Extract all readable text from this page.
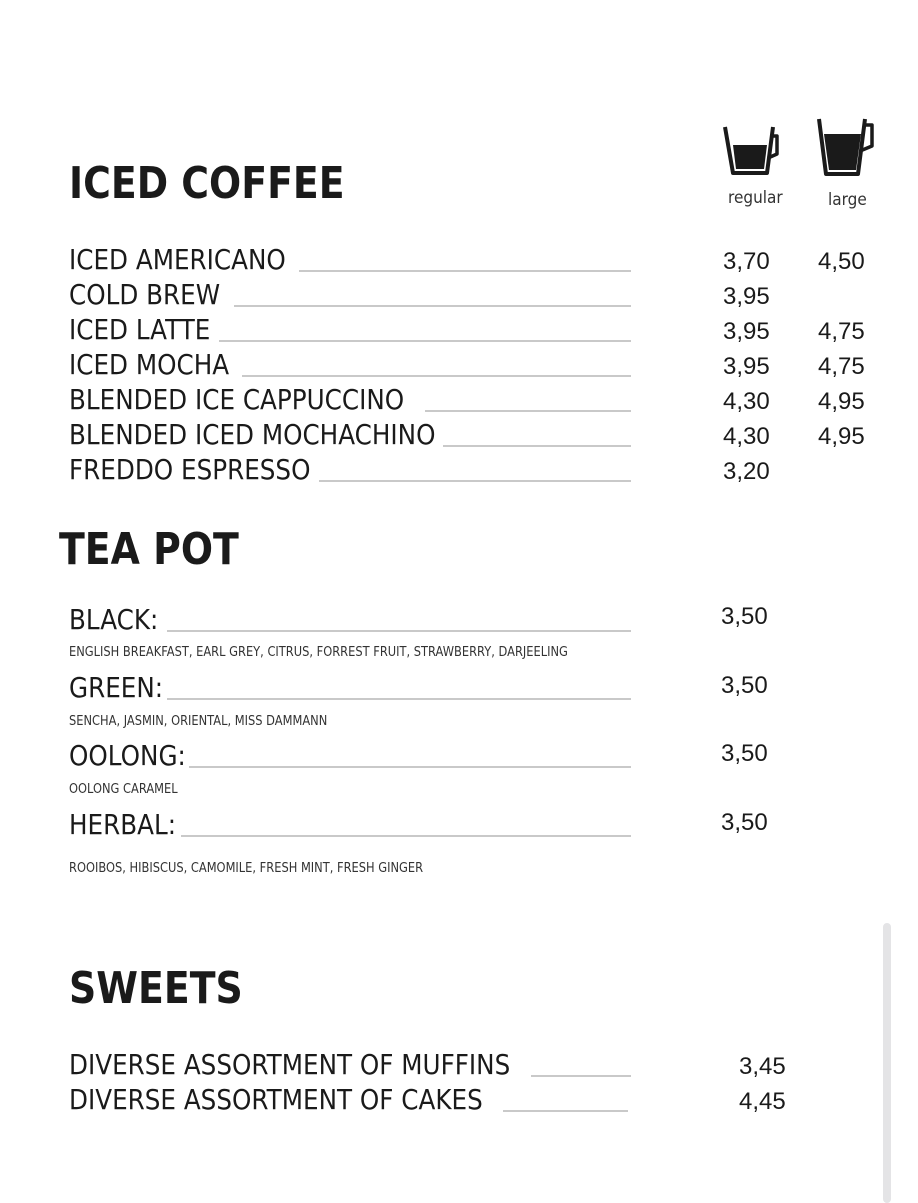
regular	large
ICED COFFEE
ICED AMERICANO	3,70 4,50
COLD BREW	3,95
ICED LATTE	3,95 4,75
ICED MOCHA	3,95 4,75
BLENDED ICE CAPPUCCINO	4,30 4,95
BLENDED ICED MOCHACHINO	4,30 4,95
FREDDO ESPRESSO	3,20
TEA POT
BLACK:	3,50
ENGLISH BREAKFAST, EARL GREY, CITRUS, FORREST FRUIT, STRAWBERRY, DARJEELING
GREEN:	3,50
SENCHA, JASMIN, ORIENTAL, MISS DAMMANN
OOLONG:	3,50
OOLONG CARAMEL
HERBAL:	3,50
ROOIBOS, HIBISCUS, CAMOMILE, FRESH MINT, FRESH GINGER
SWEETS
DIVERSE ASSORTMENT OF MUFFINS	3,45
DIVERSE ASSORTMENT OF CAKES	4,45
